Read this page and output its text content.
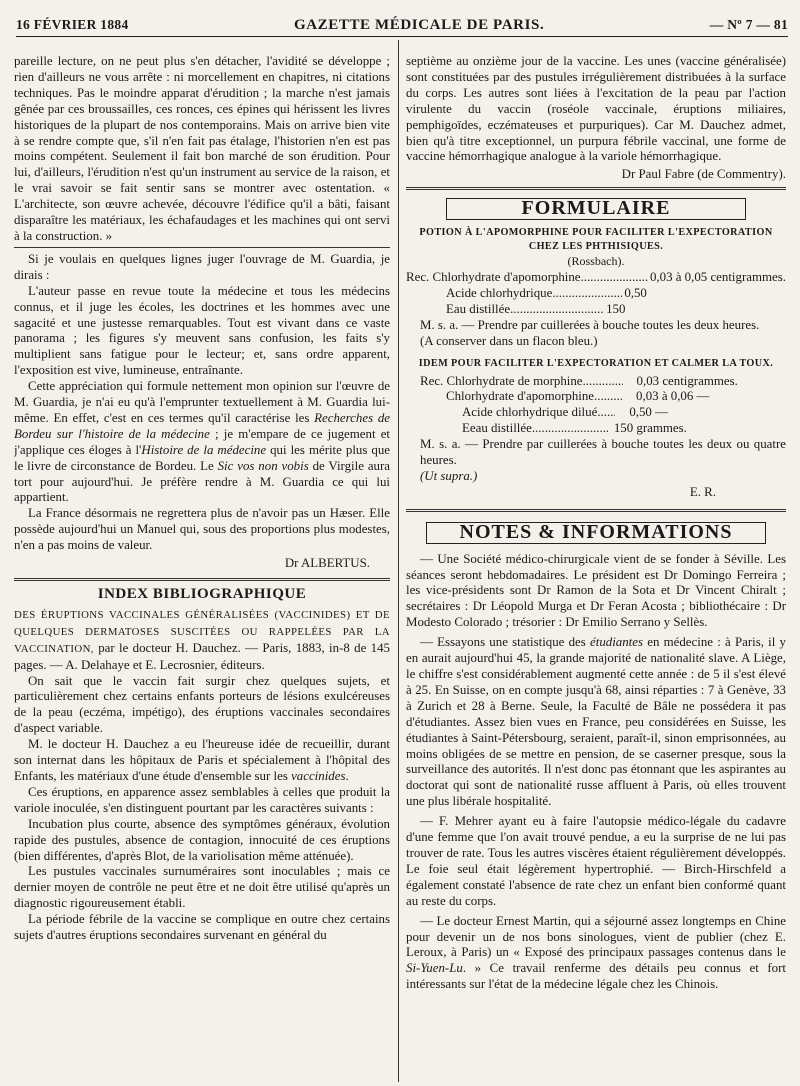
16 FÉVRIER 1884	GAZETTE MÉDICALE DE PARIS.	— Nº 7 — 81

pareille lecture, on ne peut plus s'en détacher, l'avidité se développe ; rien d'ailleurs ne vous arrête : ni morcellement en chapitres, ni citations techniques. Pas le moindre apparat d'érudition ; la marche n'est jamais gênée par ces broussailles, ces ronces, ces épines qui hérissent les livres historiques de la plupart de nos contemporains. Mais on arrive bien vite à se rendre compte que, s'il n'en fait pas étalage, l'historien n'en est pas moins compétent. Seulement il fait bon marché de son érudition. Pour lui, d'ailleurs, l'érudition n'est qu'un instrument au service de la raison, et le vrai savoir se fait sentir sans se montrer avec ostentation. « L'architecte, son œuvre achevée, découvre l'édifice qu'il a bâti, faisant disparaître les matériaux, les échafaudages et les machines qui ont servi à la construction. »

Si je voulais en quelques lignes juger l'ouvrage de M. Guardia, je dirais :

L'auteur passe en revue toute la médecine et tous les médecins connus, et il juge les écoles, les doctrines et les hommes avec une sagacité et une justesse remarquables. Tout est vivant dans ce vaste panorama ; les figures s'y meuvent sans confusion, les faits s'y multiplient sans fatigue pour le lecteur; et, sans ordre apparent, l'exposition est vive, lumineuse, entraînante.

Cette appréciation qui formule nettement mon opinion sur l'œuvre de M. Guardia, je n'ai eu qu'à l'emprunter textuellement à M. Guardia lui-même. En effet, c'est en ces termes qu'il caractérise les Recherches de Bordeu sur l'histoire de la médecine ; je m'empare de ce jugement et j'applique ces éloges à l'Histoire de la médecine qui les mérite plus que le livre de circonstance de Bordeu. Le Sic vos non vobis de Virgile aura tort pour aujourd'hui. Je préfère rendre à M. Guardia ce qui lui appartient.

La France désormais ne regrettera plus de n'avoir pas un Hæser. Elle possède aujourd'hui un Manuel qui, sous des proportions plus modestes, n'en a pas moins de valeur.

Dr ALBERTUS.
INDEX BIBLIOGRAPHIQUE

DES ÉRUPTIONS VACCINALES GÉNÉRALISÉES (VACCINIDES) ET DE QUELQUES DERMATOSES SUSCITÉES OU RAPPELÉES PAR LA VACCINATION, par le docteur H. Dauchez. — Paris, 1883, in-8 de 145 pages. — A. Delahaye et E. Lecrosnier, éditeurs.

On sait que le vaccin fait surgir chez quelques sujets, et particulièrement chez certains enfants porteurs de lésions exulcéreuses de la peau (eczéma, impétigo), des éruptions vaccinales secondaires d'aspect variable.

M. le docteur H. Dauchez a eu l'heureuse idée de recueillir, durant son internat dans les hôpitaux de Paris et spécialement à l'hôpital des Enfants, les matériaux d'une étude d'ensemble sur les vaccinides.

Ces éruptions, en apparence assez semblables à celles que produit la variole inoculée, s'en distinguent pourtant par les caractères suivants :

Incubation plus courte, absence des symptômes généraux, évolution rapide des pustules, absence de contagion, innocuité de ces éruptions (bien différentes, d'après Blot, de la variolisation même atténuée).

Les pustules vaccinales surnuméraires sont inoculables ; mais ce dernier moyen de contrôle ne peut être et ne doit être utilisé qu'après un diagnostic rigoureusement établi.

La période fébrile de la vaccine se complique en outre chez certains sujets d'autres éruptions secondaires survenant en général du

septième au onzième jour de la vaccine. Les unes (vaccine généralisée) sont constituées par des pustules irrégulièrement distribuées à la surface du corps. Les autres sont liées à l'excitation de la peau par l'action virulente du vaccin (roséole vaccinale, éruptions miliaires, pemphigoïdes, eczémateuses et purpuriques). Car M. Dauchez admet, bien qu'à titre exceptionnel, un purpura fébrile vaccinal, une forme de vaccine hémorrhagique analogue à la variole hémorrhagique.

Dr Paul Fabre (de Commentry).
FORMULAIRE
POTION À L'APOMORPHINE POUR FACILITER L'EXPECTORATION CHEZ LES PHTHISIQUES.
(Rossbach).
Rec. Chlorhydrate d'apomorphine .....	0,03 à 0,05 centigrammes.
Acide chlorhydrique .....	0,50
Eau distillée .....	150

M. s. a. — Prendre par cuillerées à bouche toutes les deux heures.

(A conserver dans un flacon bleu.)

IDEM POUR FACILITER L'EXPECTORATION ET CALMER LA TOUX.
Rec. Chlorhydrate de morphine .....	0,03 centigrammes.
Chlorhydrate d'apomorphine .....	0,03 à 0,06 —
Acide chlorhydrique dilué .....	0,50 —
Eeau distillée .....	150 grammes.

M. s. a. — Prendre par cuillerées à bouche toutes les deux ou quatre heures.

(Ut supra.)

E. R.
NOTES & INFORMATIONS

— Une Société médico-chirurgicale vient de se fonder à Séville. Les séances seront hebdomadaires. Le président est Dr Domingo Ferreira ; les vice-présidents sont Dr Ramon de la Sota et Dr Vincent Chiralt ; secrétaires : Dr Léopold Murga et Dr Feran Acosta ; bibliothécaire : Dr Modesto Colorado ; trésorier : Dr Emilio Serrano y Sellès.

— Essayons une statistique des étudiantes en médecine : à Paris, il y en aurait aujourd'hui 45, la grande majorité de nationalité slave. A Liège, le chiffre s'est considérablement augmenté cette année : de 5 il s'est élevé à 25. En Suisse, on en compte jusqu'à 68, ainsi réparties : 7 à Genève, 33 à Zurich et 28 à Berne. Seule, la Faculté de Bâle ne possédera it pas d'étudiantes. Assez bien vues en France, peu considérées en Suisse, les étudiantes à Saint-Pétersbourg, seraient, paraît-il, sinon emprisonnées, au moins obligées de se mettre en pension, de se caserner presque, sous la surveillance des autorités. Il n'est donc pas étonnant que les aspirantes au doctorat qui sont de nationalité russe affluent à Paris, où elles trouvent une plus libérale hospitalité.

— F. Mehrer ayant eu à faire l'autopsie médico-légale du cadavre d'une femme que l'on avait trouvé pendue, a eu la surprise de ne lui pas trouver de rate. Tous les autres viscères étaient régulièrement développés. Le foie seul était légèrement hypertrophié. — Birch-Hirschfeld a également constaté l'absence de rate chez un enfant bien conformé quant au reste du corps.

— Le docteur Ernest Martin, qui a séjourné assez longtemps en Chine pour devenir un de nos bons sinologues, vient de publier (chez E. Leroux, à Paris) un « Exposé des principaux passages contenus dans le Si-Yuen-Lu. » Ce travail renferme des détails peu connus et fort intéressants sur l'état de la médecine légale chez les Chinois.
